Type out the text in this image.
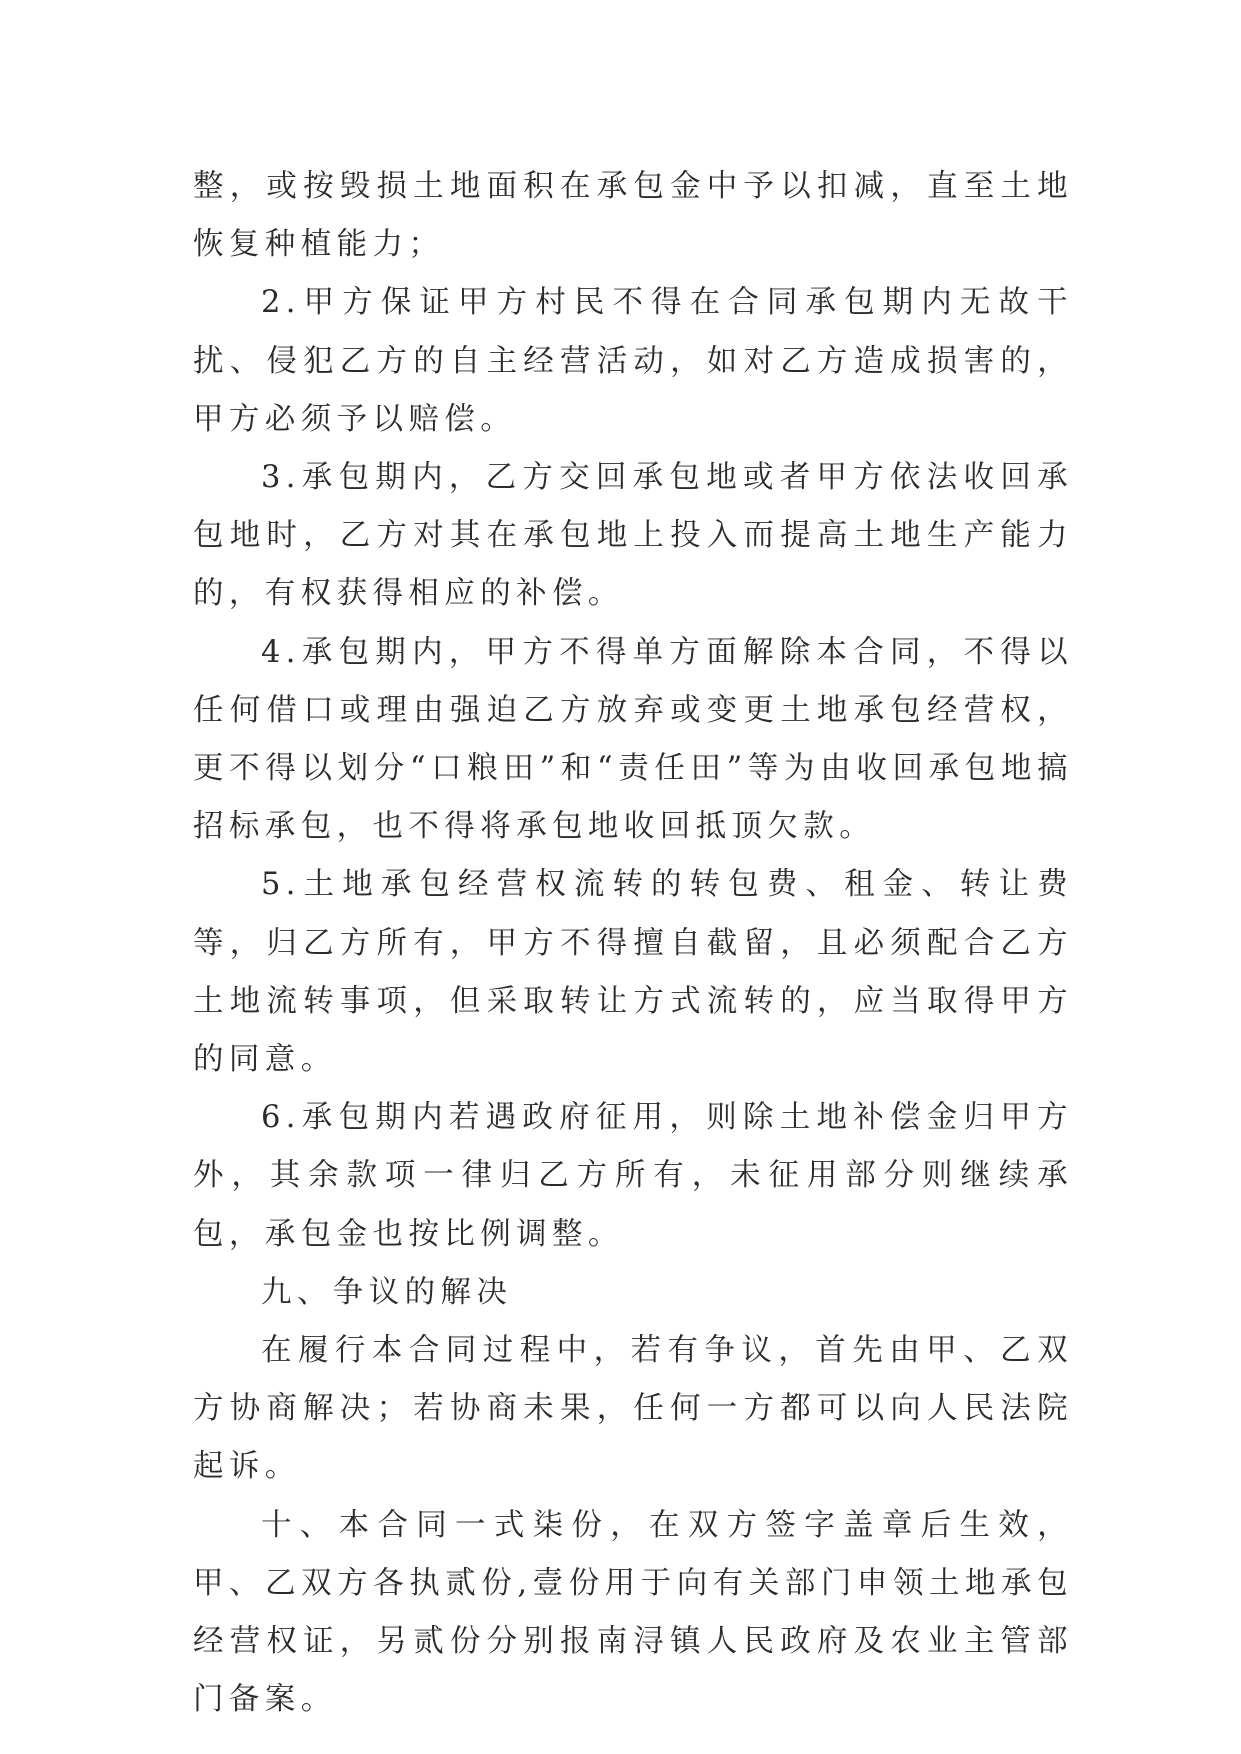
整，或按毁损土地面积在承包金中予以扣减，直至土地恢复种植能力；

2.甲方保证甲方村民不得在合同承包期内无故干扰、侵犯乙方的自主经营活动，如对乙方造成损害的，甲方必须予以赔偿。

3.承包期内，乙方交回承包地或者甲方依法收回承包地时，乙方对其在承包地上投入而提高土地生产能力的，有权获得相应的补偿。

4.承包期内，甲方不得单方面解除本合同，不得以任何借口或理由强迫乙方放弃或变更土地承包经营权，更不得以划分“口粮田”和“责任田”等为由收回承包地搞招标承包，也不得将承包地收回抵顶欠款。

5.土地承包经营权流转的转包费、租金、转让费等，归乙方所有，甲方不得擅自截留，且必须配合乙方土地流转事项，但采取转让方式流转的，应当取得甲方的同意。

6.承包期内若遇政府征用，则除土地补偿金归甲方外，其余款项一律归乙方所有，未征用部分则继续承包，承包金也按比例调整。

九、争议的解决

在履行本合同过程中，若有争议，首先由甲、乙双方协商解决；若协商未果，任何一方都可以向人民法院起诉。

十、本合同一式柒份，在双方签字盖章后生效，甲、乙双方各执贰份,壹份用于向有关部门申领土地承包经营权证，另贰份分别报南浔镇人民政府及农业主管部门备案。
